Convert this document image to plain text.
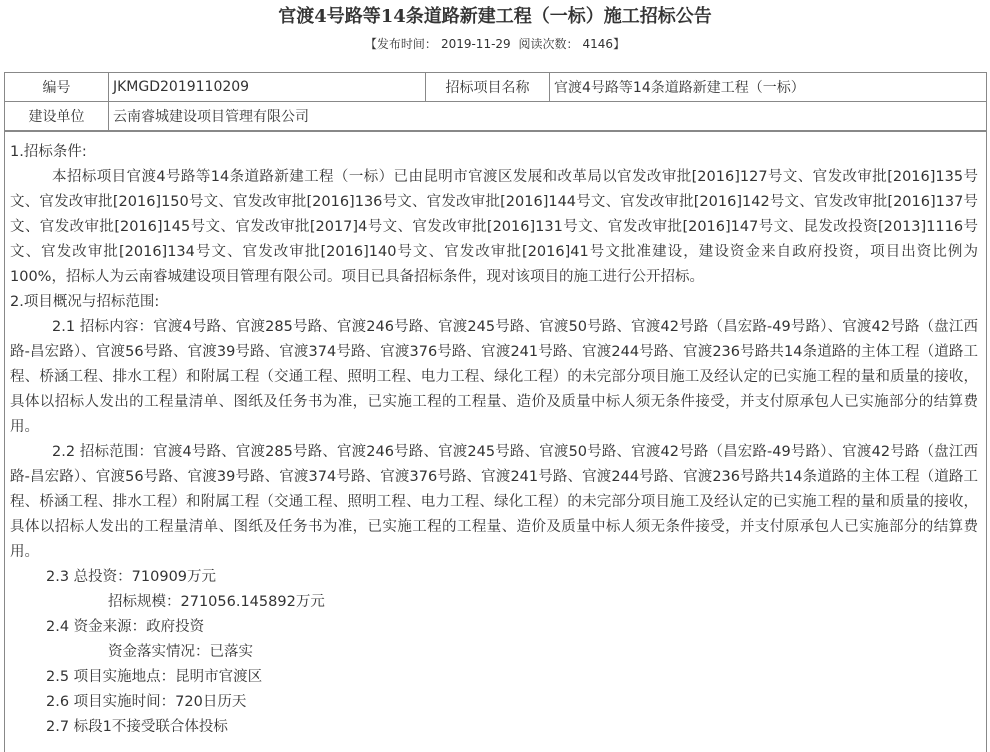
官渡4号路等14条道路新建工程（一标）施工招标公告
【发布时间： 2019-11-29 阅读次数： 4146】
编号	JKMGD2019110209	招标项目名称	官渡4号路等14条道路新建工程（一标）
建设单位	云南睿城建设项目管理有限公司		

1.招标条件:

本招标项目官渡4号路等14条道路新建工程（一标）已由昆明市官渡区发展和改革局以官发改审批[2016]127号文、官发改审批[2016]135号文、官发改审批[2016]150号文、官发改审批[2016]136号文、官发改审批[2016]144号文、官发改审批[2016]142号文、官发改审批[2016]137号文、官发改审批[2016]145号文、官发改审批[2017]4号文、官发改审批[2016]131号文、官发改审批[2016]147号文、昆发改投资[2013]1116号文、官发改审批[2016]134号文、官发改审批[2016]140号文、官发改审批[2016]41号文批准建设，建设资金来自政府投资，项目出资比例为100%，招标人为云南睿城建设项目管理有限公司。项目已具备招标条件，现对该项目的施工进行公开招标。

2.项目概况与招标范围:

2.1 招标内容：官渡4号路、官渡285号路、官渡246号路、官渡245号路、官渡50号路、官渡42号路（昌宏路-49号路）、官渡42号路（盘江西路-昌宏路）、官渡56号路、官渡39号路、官渡374号路、官渡376号路、官渡241号路、官渡244号路、官渡236号路共14条道路的主体工程（道路工程、桥涵工程、排水工程）和附属工程（交通工程、照明工程、电力工程、绿化工程）的未完部分项目施工及经认定的已实施工程的量和质量的接收，具体以招标人发出的工程量清单、图纸及任务书为准，已实施工程的工程量、造价及质量中标人须无条件接受，并支付原承包人已实施部分的结算费用。

2.2 招标范围：官渡4号路、官渡285号路、官渡246号路、官渡245号路、官渡50号路、官渡42号路（昌宏路-49号路）、官渡42号路（盘江西路-昌宏路）、官渡56号路、官渡39号路、官渡374号路、官渡376号路、官渡241号路、官渡244号路、官渡236号路共14条道路的主体工程（道路工程、桥涵工程、排水工程）和附属工程（交通工程、照明工程、电力工程、绿化工程）的未完部分项目施工及经认定的已实施工程的量和质量的接收，具体以招标人发出的工程量清单、图纸及任务书为准，已实施工程的工程量、造价及质量中标人须无条件接受，并支付原承包人已实施部分的结算费用。

2.3 总投资：710909万元

招标规模：271056.145892万元

2.4 资金来源：政府投资

资金落实情况：已落实

2.5 项目实施地点：昆明市官渡区

2.6 项目实施时间：720日历天

2.7 标段1不接受联合体投标
